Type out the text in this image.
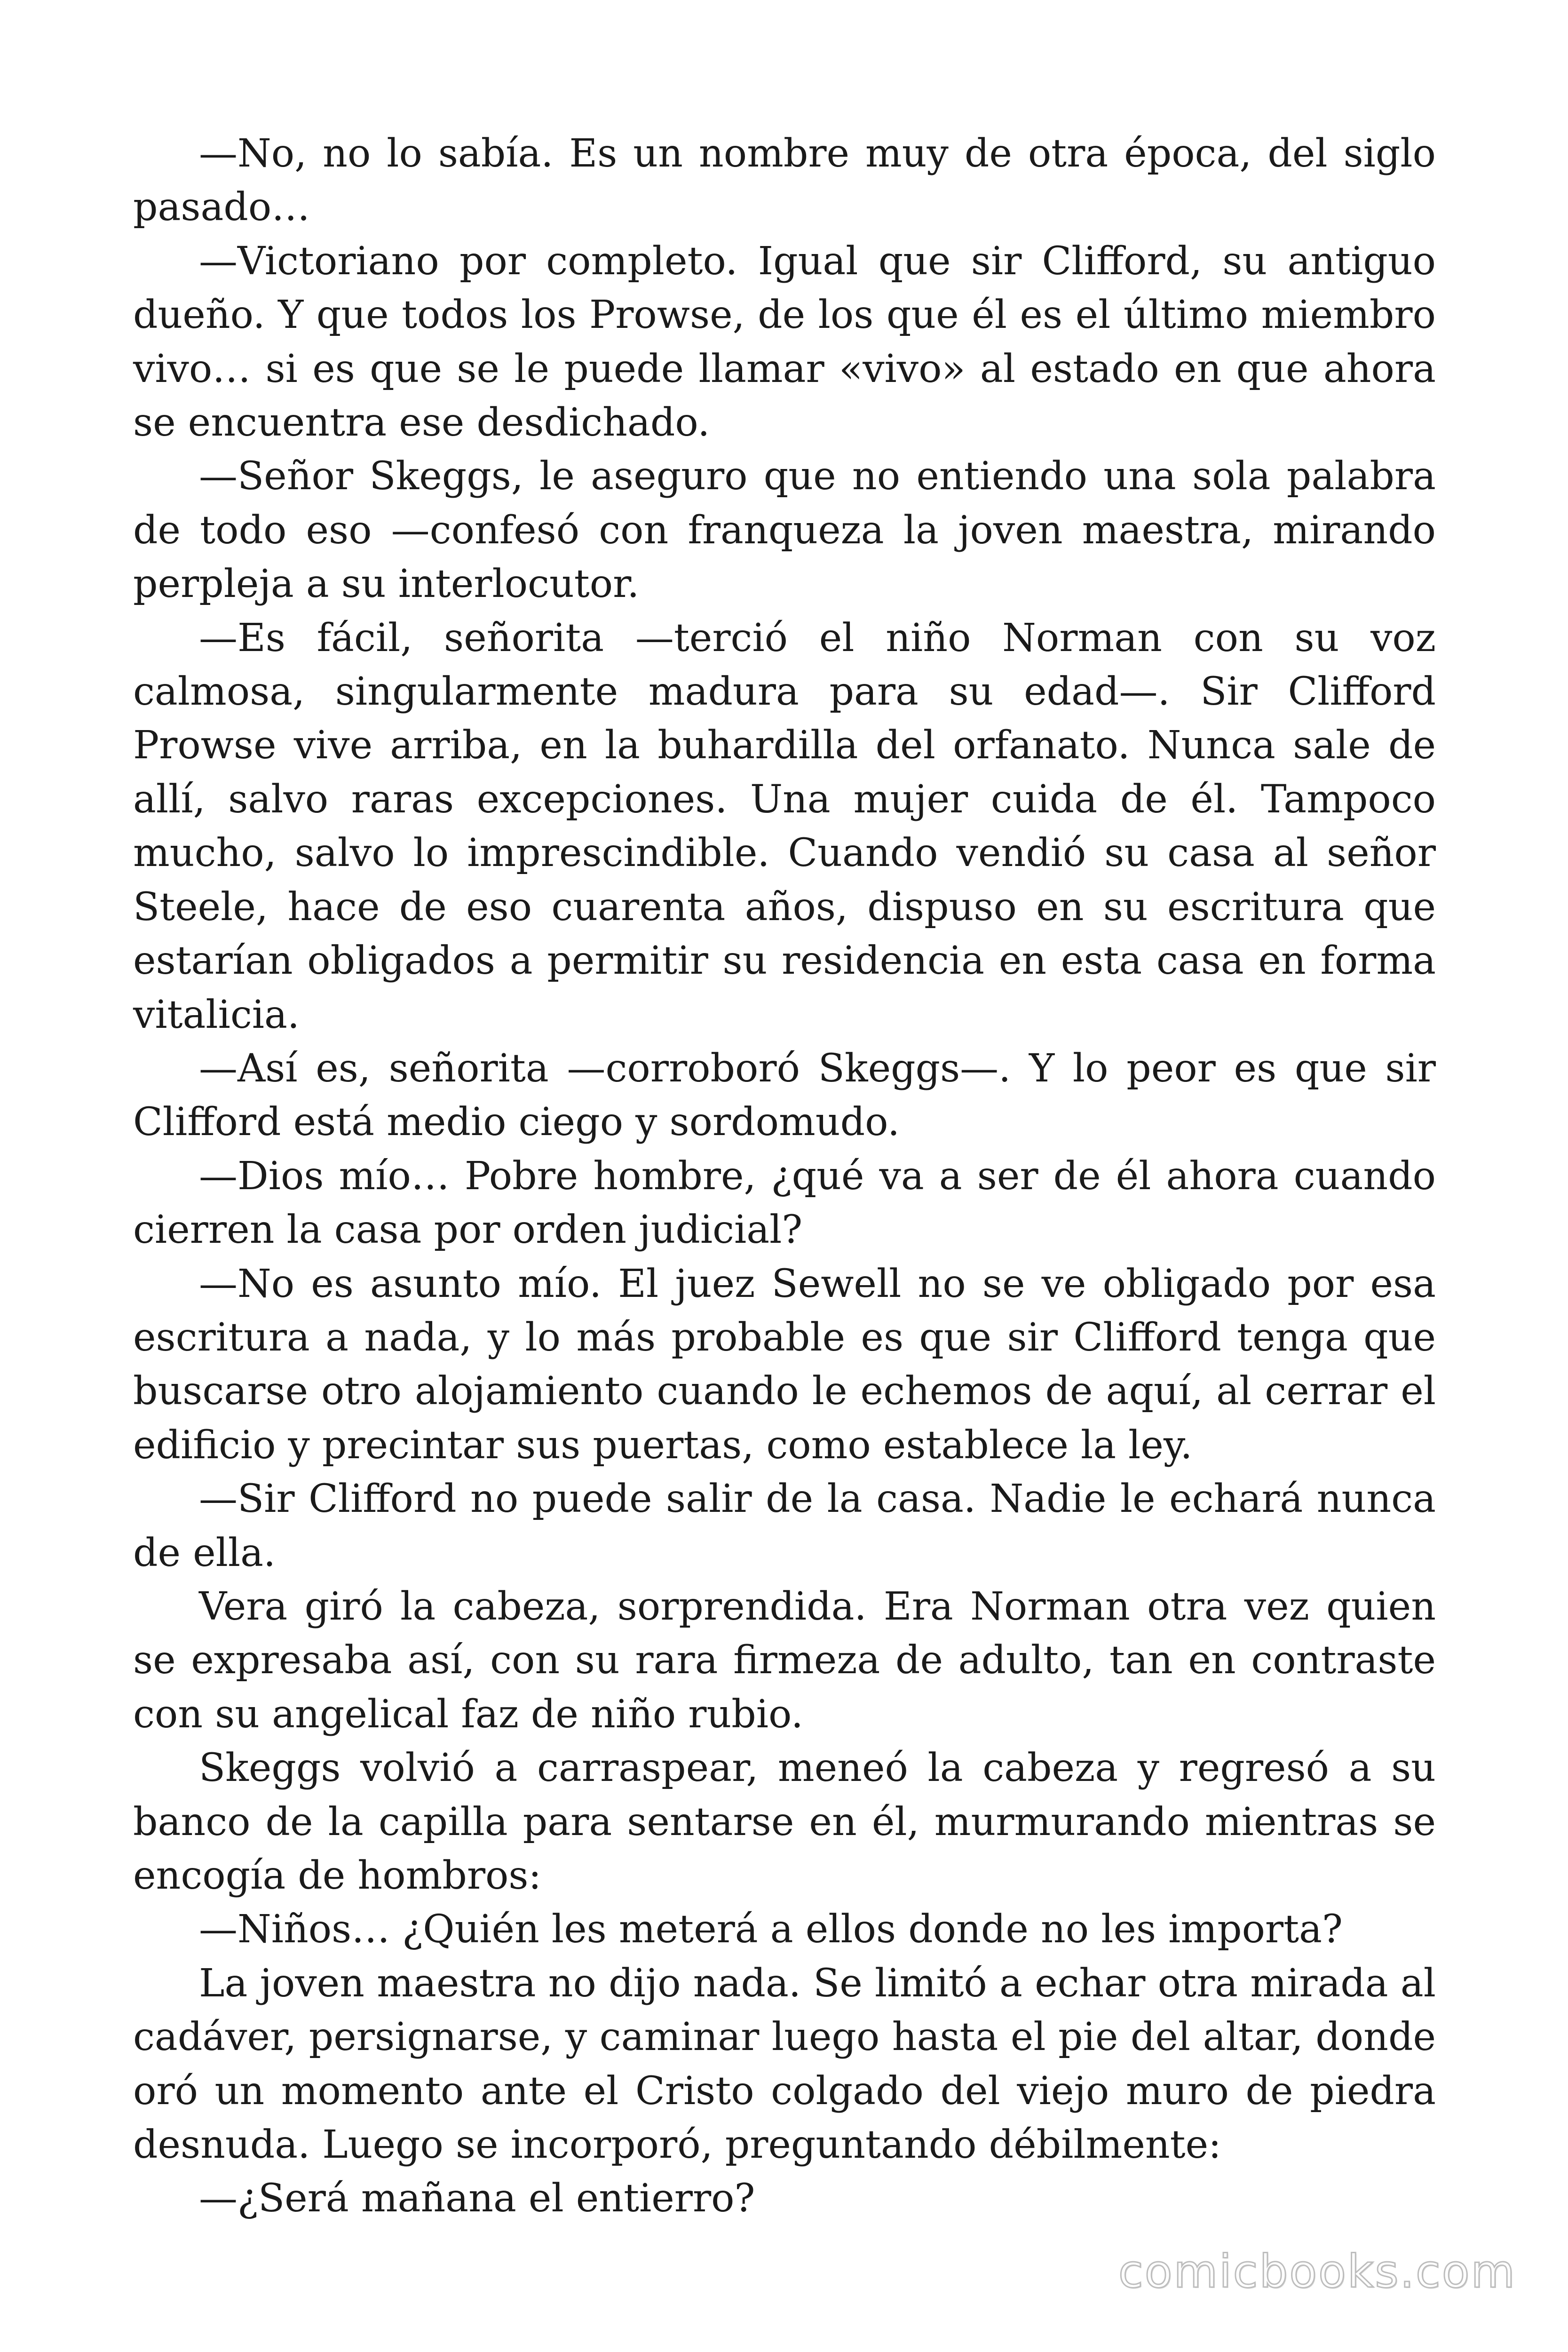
—No, no lo sabía. Es un nombre muy de otra época, del siglo pasado…

—Victoriano por completo. Igual que sir Clifford, su antiguo dueño. Y que todos los Prowse, de los que él es el último miembro vivo… si es que se le puede llamar «vivo» al estado en que ahora se encuentra ese desdichado.

—Señor Skeggs, le aseguro que no entiendo una sola palabra de todo eso —confesó con franqueza la joven maestra, mirando perpleja a su interlocutor.

—Es fácil, señorita —terció el niño Norman con su voz calmosa, singularmente madura para su edad—. Sir Clifford Prowse vive arriba, en la buhardilla del orfanato. Nunca sale de allí, salvo raras excepciones. Una mujer cuida de él. Tampoco mucho, salvo lo imprescindible. Cuando vendió su casa al señor Steele, hace de eso cuarenta años, dispuso en su escritura que estarían obligados a permitir su residencia en esta casa en forma vitalicia.

—Así es, señorita —corroboró Skeggs—. Y lo peor es que sir Clifford está medio ciego y sordomudo.

—Dios mío… Pobre hombre, ¿qué va a ser de él ahora cuando cierren la casa por orden judicial?

—No es asunto mío. El juez Sewell no se ve obligado por esa escritura a nada, y lo más probable es que sir Clifford tenga que buscarse otro alojamiento cuando le echemos de aquí, al cerrar el edificio y precintar sus puertas, como establece la ley.

—Sir Clifford no puede salir de la casa. Nadie le echará nunca de ella.

Vera giró la cabeza, sorprendida. Era Norman otra vez quien se expresaba así, con su rara firmeza de adulto, tan en contraste con su angelical faz de niño rubio.

Skeggs volvió a carraspear, meneó la cabeza y regresó a su banco de la capilla para sentarse en él, murmurando mientras se encogía de hombros:

—Niños… ¿Quién les meterá a ellos donde no les importa?

La joven maestra no dijo nada. Se limitó a echar otra mirada al cadáver, persignarse, y caminar luego hasta el pie del altar, donde oró un momento ante el Cristo colgado del viejo muro de piedra desnuda. Luego se incorporó, preguntando débilmente:

—¿Será mañana el entierro?

comicbooks.com
